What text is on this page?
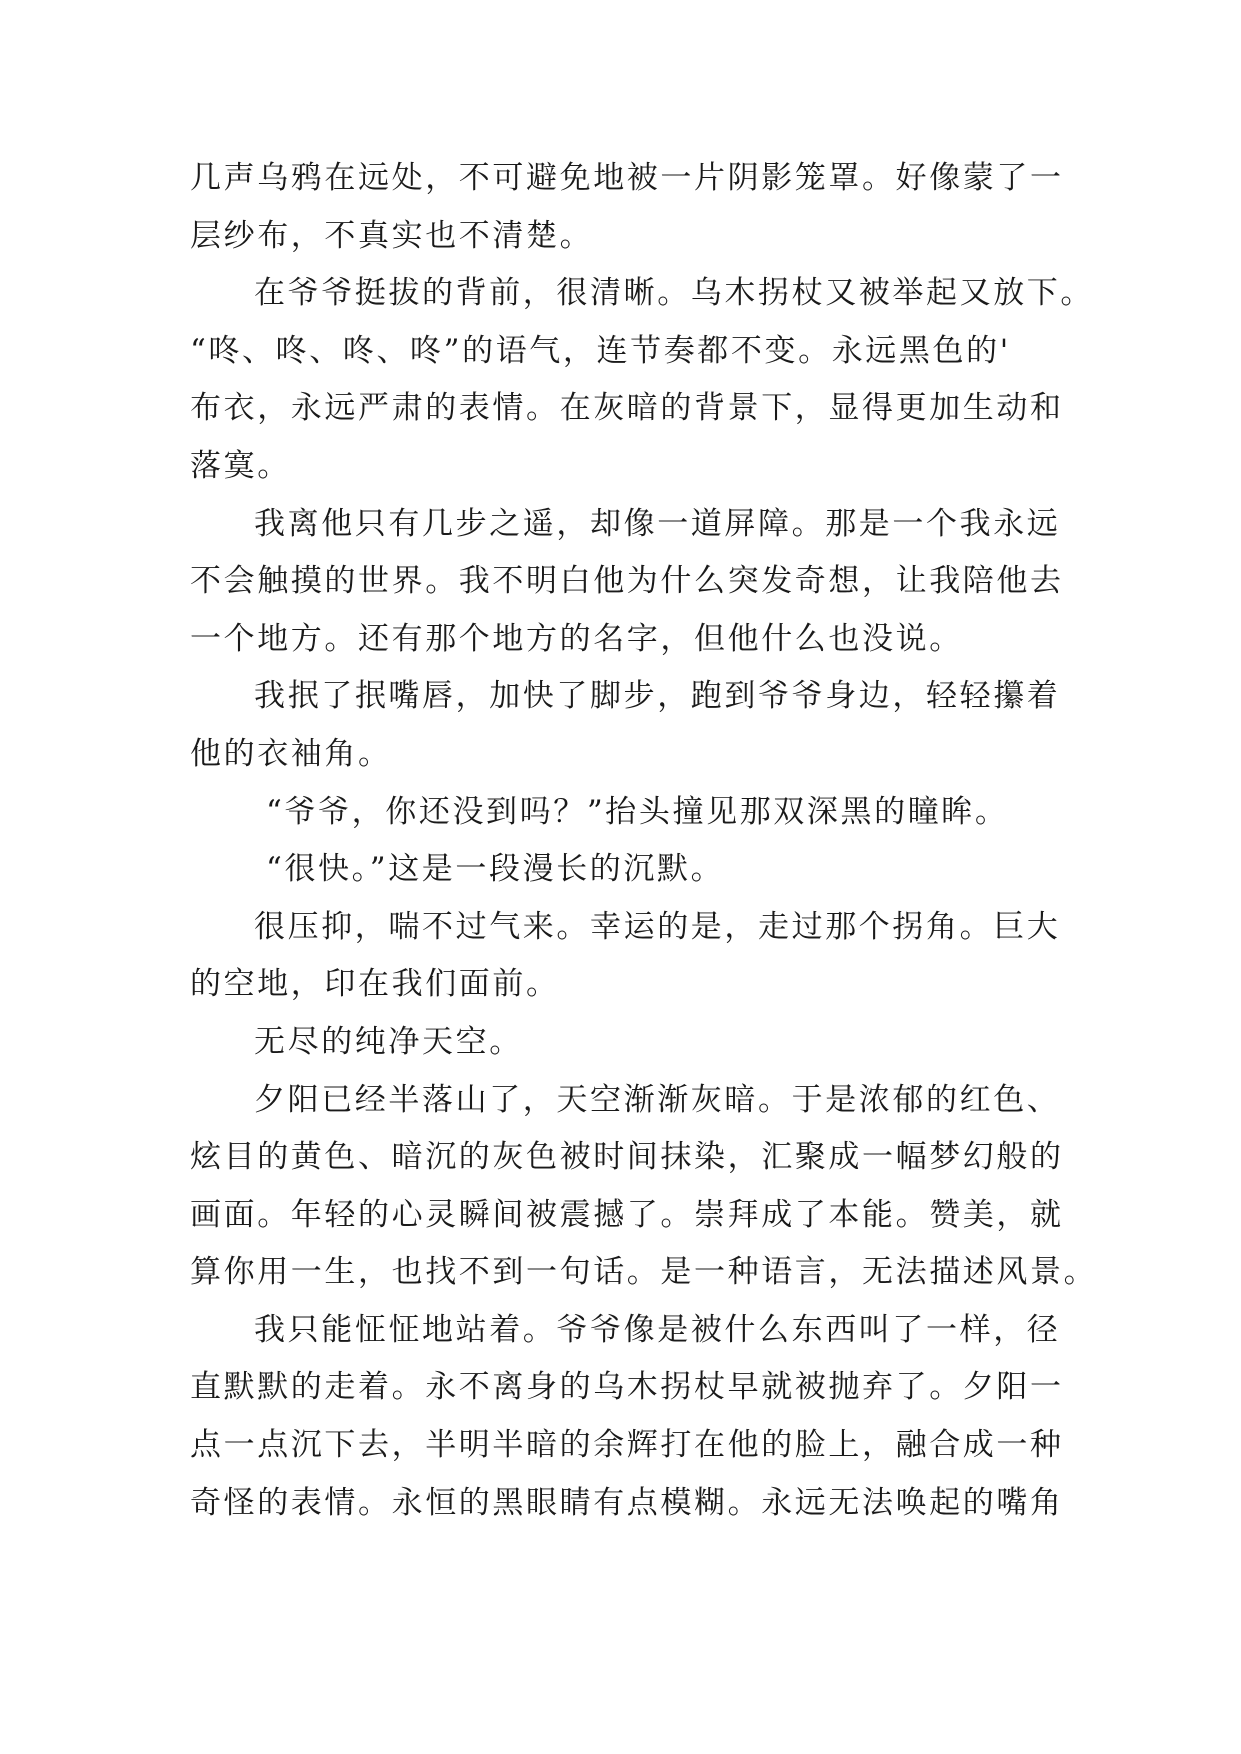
几声乌鸦在远处，不可避免地被一片阴影笼罩。好像蒙了一
层纱布，不真实也不清楚。
在爷爷挺拔的背前，很清晰。乌木拐杖又被举起又放下。
“咚、咚、咚、咚”的语气，连节奏都不变。永远黑色的'
布衣，永远严肃的表情。在灰暗的背景下，显得更加生动和
落寞。
我离他只有几步之遥，却像一道屏障。那是一个我永远
不会触摸的世界。我不明白他为什么突发奇想，让我陪他去
一个地方。还有那个地方的名字，但他什么也没说。
我抿了抿嘴唇，加快了脚步，跑到爷爷身边，轻轻攥着
他的衣袖角。
“爷爷，你还没到吗？”抬头撞见那双深黑的瞳眸。
“很快。”这是一段漫长的沉默。
很压抑，喘不过气来。幸运的是，走过那个拐角。巨大
的空地，印在我们面前。
无尽的纯净天空。
夕阳已经半落山了，天空渐渐灰暗。于是浓郁的红色、
炫目的黄色、暗沉的灰色被时间抹染，汇聚成一幅梦幻般的
画面。年轻的心灵瞬间被震撼了。崇拜成了本能。赞美，就
算你用一生，也找不到一句话。是一种语言，无法描述风景。
我只能怔怔地站着。爷爷像是被什么东西叫了一样，径
直默默的走着。永不离身的乌木拐杖早就被抛弃了。夕阳一
点一点沉下去，半明半暗的余辉打在他的脸上，融合成一种
奇怪的表情。永恒的黑眼睛有点模糊。永远无法唤起的嘴角
